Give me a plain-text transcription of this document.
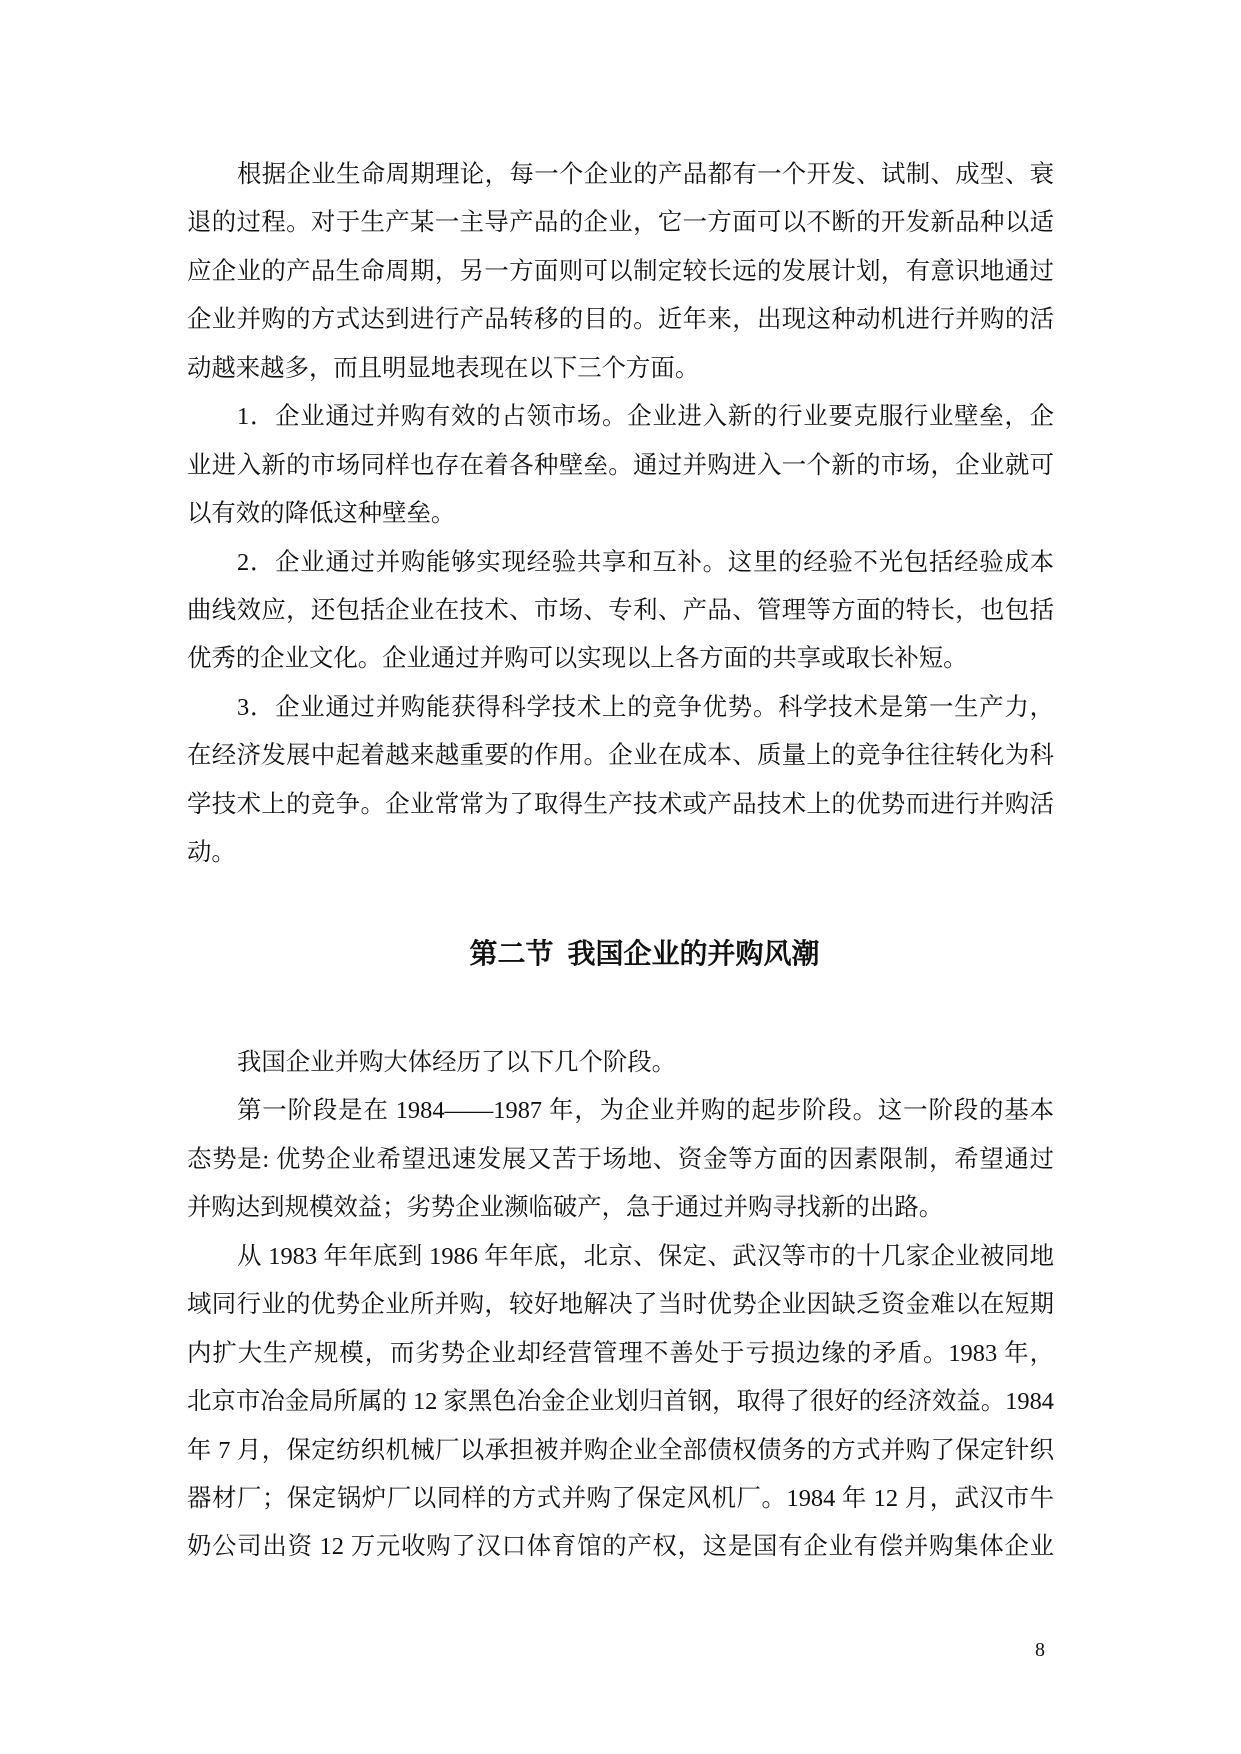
根据企业生命周期理论，每一个企业的产品都有一个开发、试制、成型、衰
退的过程。对于生产某一主导产品的企业，它一方面可以不断的开发新品种以适
应企业的产品生命周期，另一方面则可以制定较长远的发展计划，有意识地通过
企业并购的方式达到进行产品转移的目的。近年来，出现这种动机进行并购的活
动越来越多，而且明显地表现在以下三个方面。
1．企业通过并购有效的占领市场。企业进入新的行业要克服行业壁垒，企
业进入新的市场同样也存在着各种壁垒。通过并购进入一个新的市场，企业就可
以有效的降低这种壁垒。
2．企业通过并购能够实现经验共享和互补。这里的经验不光包括经验成本
曲线效应，还包括企业在技术、市场、专利、产品、管理等方面的特长，也包括
优秀的企业文化。企业通过并购可以实现以上各方面的共享或取长补短。
3．企业通过并购能获得科学技术上的竞争优势。科学技术是第一生产力，
在经济发展中起着越来越重要的作用。企业在成本、质量上的竞争往往转化为科
学技术上的竞争。企业常常为了取得生产技术或产品技术上的优势而进行并购活
动。
第二节  我国企业的并购风潮
我国企业并购大体经历了以下几个阶段。
第一阶段是在 1984——1987 年，为企业并购的起步阶段。这一阶段的基本
态势是: 优势企业希望迅速发展又苦于场地、资金等方面的因素限制，希望通过
并购达到规模效益；劣势企业濒临破产，急于通过并购寻找新的出路。
从 1983 年年底到 1986 年年底，北京、保定、武汉等市的十几家企业被同地
域同行业的优势企业所并购，较好地解决了当时优势企业因缺乏资金难以在短期
内扩大生产规模，而劣势企业却经营管理不善处于亏损边缘的矛盾。1983 年，
北京市冶金局所属的 12 家黑色冶金企业划归首钢，取得了很好的经济效益。1984
年 7 月，保定纺织机械厂以承担被并购企业全部债权债务的方式并购了保定针织
器材厂；保定锅炉厂以同样的方式并购了保定风机厂。1984 年 12 月，武汉市牛
奶公司出资 12 万元收购了汉口体育馆的产权，这是国有企业有偿并购集体企业
8
